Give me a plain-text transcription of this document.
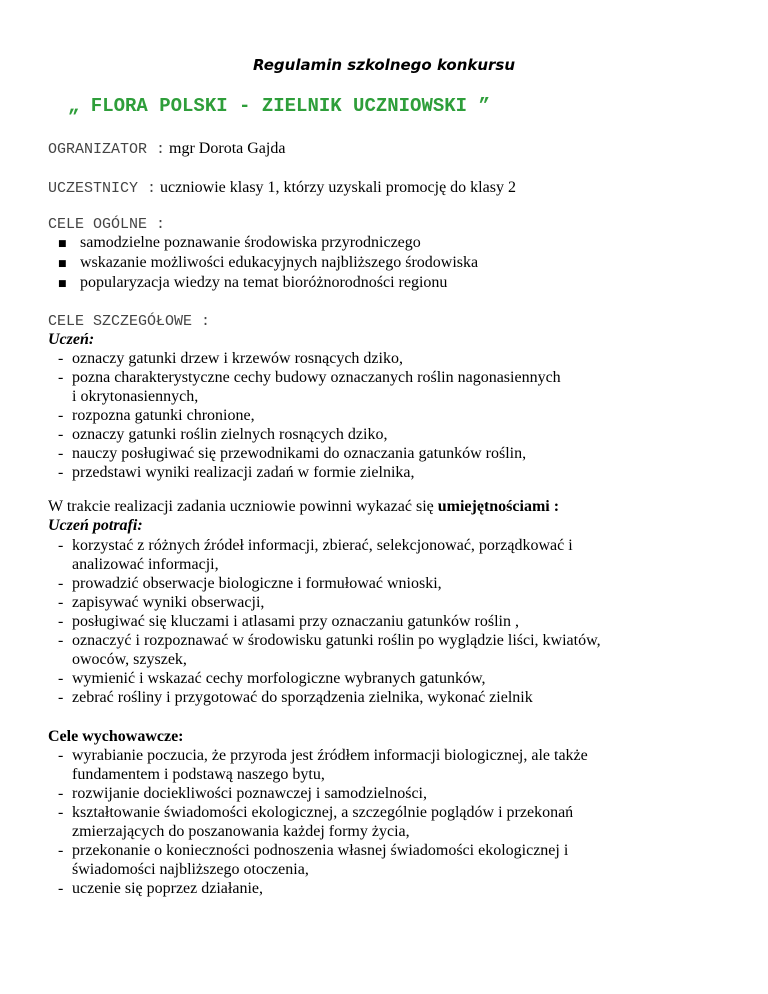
Regulamin szkolnego konkursu
„ FLORA POLSKI - ZIELNIK UCZNIOWSKI ”
OGRANIZATOR : mgr Dorota Gajda
UCZESTNICY : uczniowie klasy 1, którzy uzyskali promocję do klasy 2
CELE OGÓLNE :
■ samodzielne poznawanie środowiska przyrodniczego
■ wskazanie możliwości edukacyjnych najbliższego środowiska
■ popularyzacja wiedzy na temat bioróżnorodności regionu
CELE SZCZEGÓŁOWE :
Uczeń:
- oznaczy gatunki drzew i krzewów rosnących dziko,
- pozna charakterystyczne cechy budowy oznaczanych roślin nagonasiennych
i okrytonasiennych,
- rozpozna gatunki chronione,
- oznaczy gatunki roślin zielnych rosnących dziko,
- nauczy posługiwać się przewodnikami do oznaczania gatunków roślin,
- przedstawi wyniki realizacji zadań w formie zielnika,
W trakcie realizacji zadania uczniowie powinni wykazać się umiejętnościami :
Uczeń potrafi:
- korzystać z różnych źródeł informacji, zbierać, selekcjonować, porządkować i
analizować informacji,
- prowadzić obserwacje biologiczne i formułować wnioski,
- zapisywać wyniki obserwacji,
- posługiwać się kluczami i atlasami przy oznaczaniu gatunków roślin ,
- oznaczyć i rozpoznawać w środowisku gatunki roślin po wyglądzie liści, kwiatów,
owoców, szyszek,
- wymienić i wskazać cechy morfologiczne wybranych gatunków,
- zebrać rośliny i przygotować do sporządzenia zielnika, wykonać zielnik
Cele wychowawcze:
- wyrabianie poczucia, że przyroda jest źródłem informacji biologicznej, ale także
fundamentem i podstawą naszego bytu,
- rozwijanie dociekliwości poznawczej i samodzielności,
- kształtowanie świadomości ekologicznej, a szczególnie poglądów i przekonań
zmierzających do poszanowania każdej formy życia,
- przekonanie o konieczności podnoszenia własnej świadomości ekologicznej i
świadomości najbliższego otoczenia,
- uczenie się poprzez działanie,
